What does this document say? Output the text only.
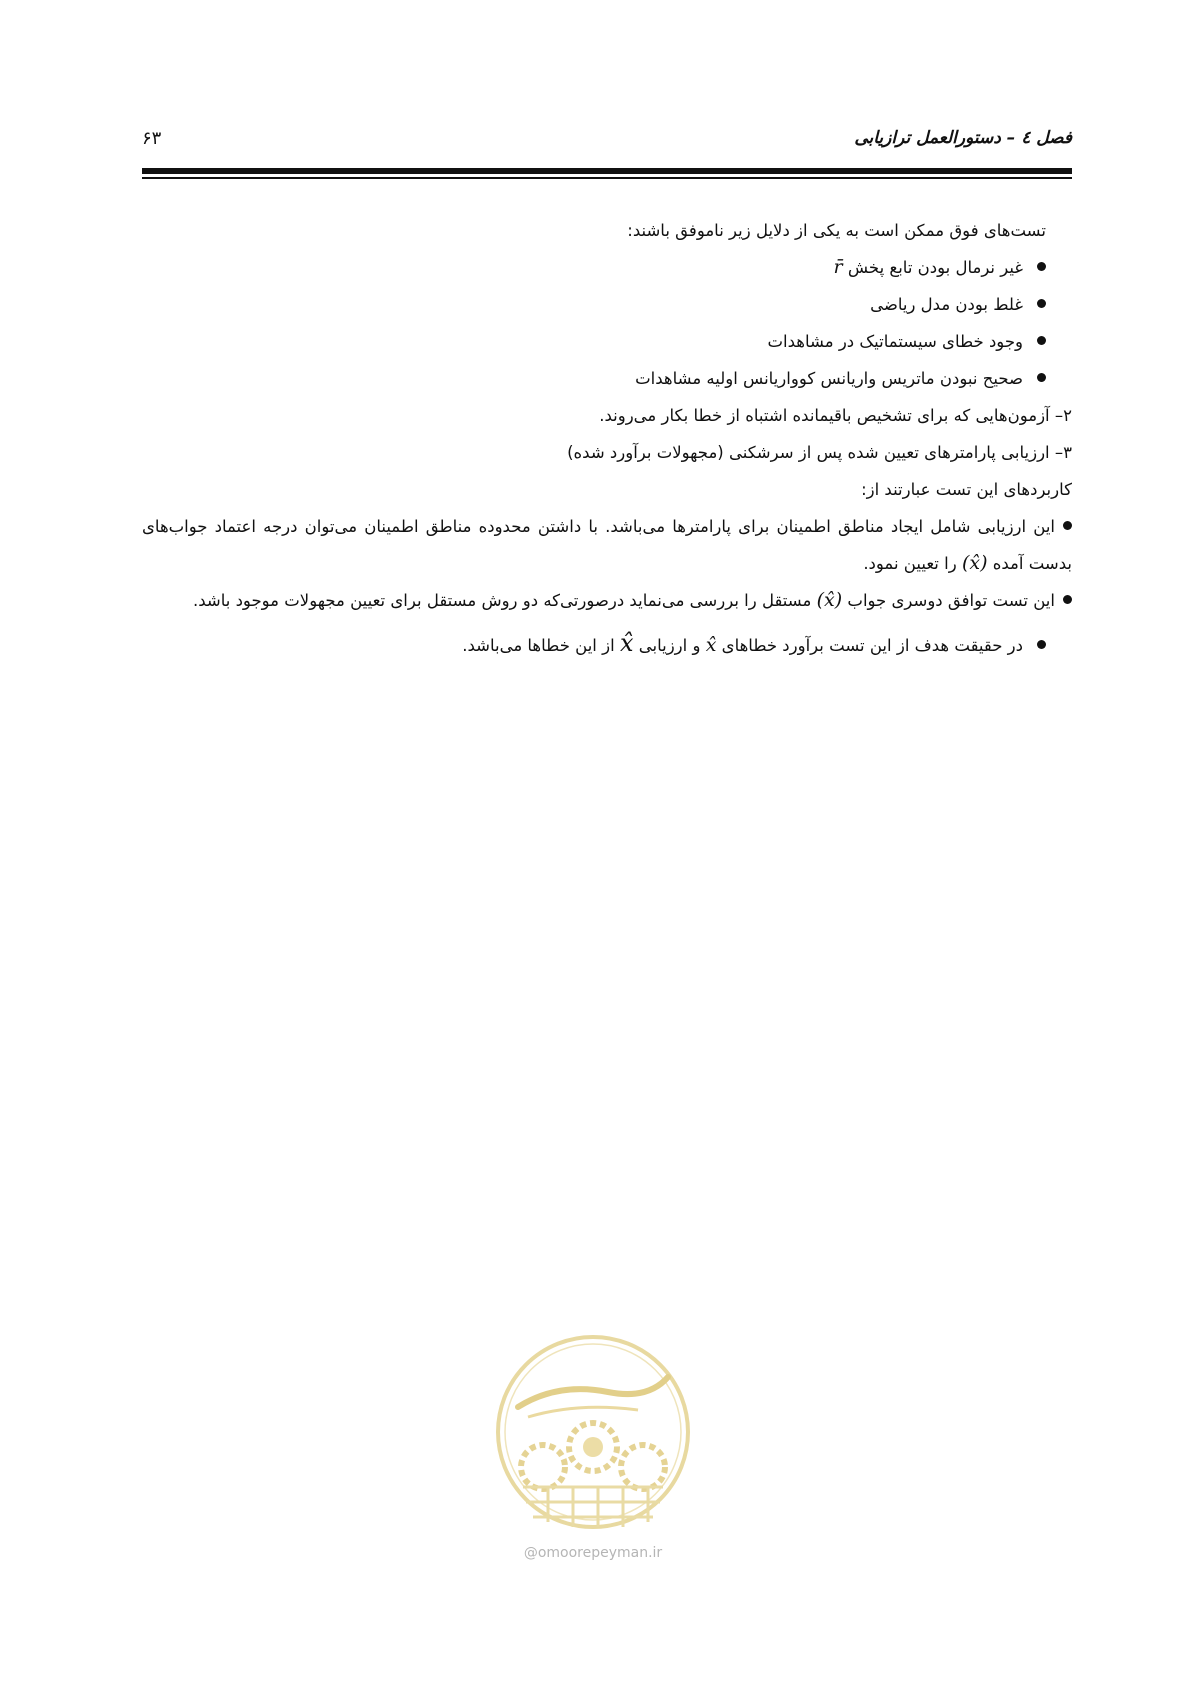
فصل ٤ – دستورالعمل ترازیابی
۶۳
تست‌های فوق ممکن است به یکی از دلایل زیر ناموفق باشند:
غیر نرمال بودن تابع پخش r̄
غلط بودن مدل ریاضی
وجود خطای سیستماتیک در مشاهدات
صحیح نبودن ماتریس واریانس کوواریانس اولیه مشاهدات
۲– آزمون‌هایی که برای تشخیص باقیمانده اشتباه از خطا بکار می‌روند.
۳– ارزیابی پارامترهای تعیین شده پس از سرشکنی (مجهولات برآورد شده)
کاربردهای این تست عبارتند از:
این ارزیابی شامل ایجاد مناطق اطمینان برای پارامترها می‌باشد. با داشتن محدوده مناطق اطمینان می‌توان درجه اعتماد جواب‌های بدست آمده (x̂) را تعیین نمود.
این تست توافق دوسری جواب (x̂) مستقل را بررسی می‌نماید درصورتی‌که دو روش مستقل برای تعیین مجهولات موجود باشد.
در حقیقت هدف از این تست برآورد خطاهای x̂ و ارزیابی x̂ از این خطاها می‌باشد.
@omoorepeyman.ir
